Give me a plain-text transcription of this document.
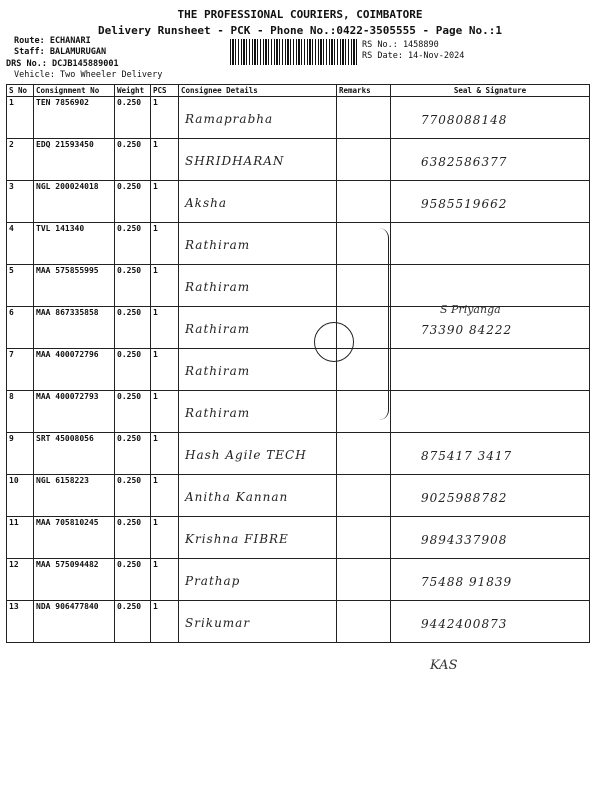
THE PROFESSIONAL COURIERS, COIMBATORE
Delivery Runsheet - PCK - Phone No.:0422-3505555 - Page No.:1
Route: ECHANARI
Staff: BALAMURUGAN
DRS No.: DCJB145889001
Vehicle: Two Wheeler Delivery
RS No.: 1458890
RS Date: 14-Nov-2024
S No	Consignment No	Weight	PCS	Consignee Details	Remarks	Seal & Signature
1	TEN 7856902	0.250	1	Ramaprabha		7708088148

2	EDQ 21593450	0.250	1	SHRIDHARAN		6382586377

3	NGL 200024018	0.250	1	Aksha		9585519662

4	TVL 141340	0.250	1	Rathiram		

5	MAA 575855995	0.250	1	Rathiram		

6	MAA 867335858	0.250	1	Rathiram		73390 84222

7	MAA 400072796	0.250	1	Rathiram		

8	MAA 400072793	0.250	1	Rathiram		

9	SRT 45008056	0.250	1	Hash Agile TECH		875417 3417

10	NGL 6158223	0.250	1	Anitha Kannan		9025988782

11	MAA 705810245	0.250	1	Krishna FIBRE		9894337908

12	MAA 575094482	0.250	1	Prathap		75488 91839

13	NDA 906477840	0.250	1	Srikumar		9442400873
S Priyanga
KAS
